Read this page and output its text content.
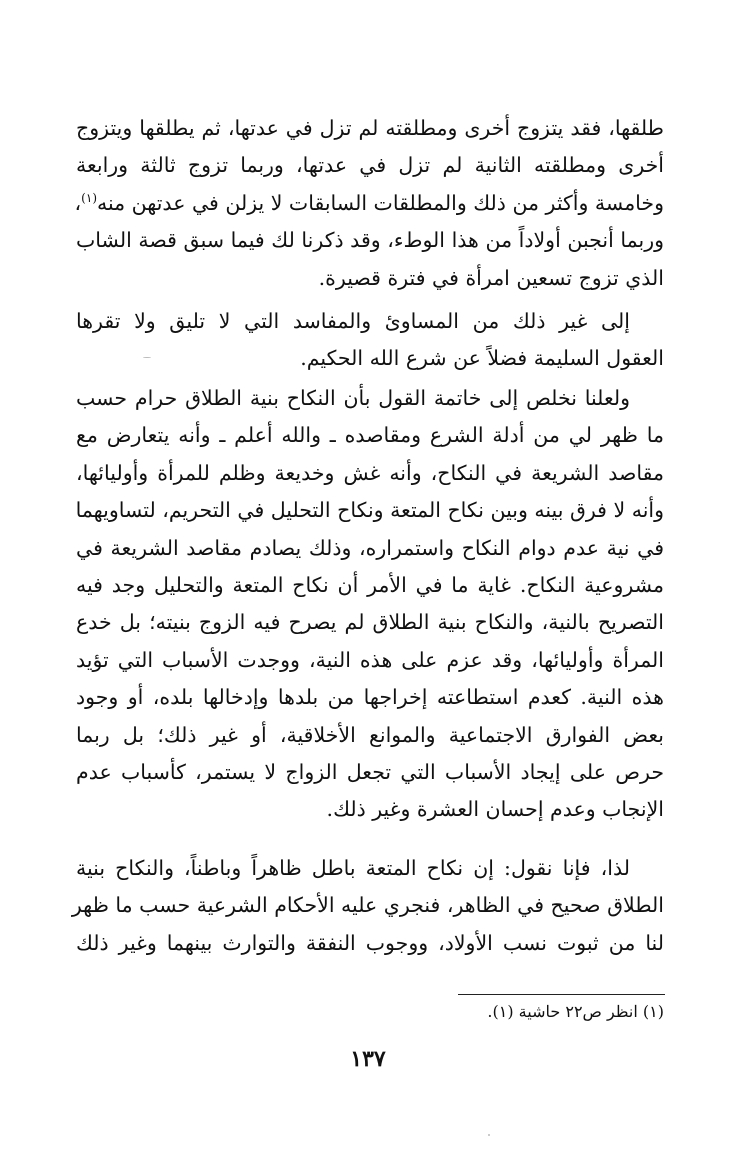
طلقها، فقد يتزوج أخرى ومطلقته لم تزل في عدتها، ثم يطلقها ويتزوج
أخرى ومطلقته الثانية لم تزل في عدتها، وربما تزوج ثالثة ورابعة
وخامسة وأكثر من ذلك والمطلقات السابقات لا يزلن في عدتهن منه$^{(١)}$،
وربما أنجبن أولاداً من هذا الوطء، وقد ذكرنا لك فيما سبق قصة الشاب
الذي تزوج تسعين امرأة في فترة قصيرة.
إلى غير ذلك من المساوئ والمفاسد التي لا تليق ولا تقرها
العقول السليمة فضلاً عن شرع الله الحكيم.
ولعلنا نخلص إلى خاتمة القول بأن النكاح بنية الطلاق حرام حسب
ما ظهر لي من أدلة الشرع ومقاصده ـ والله أعلم ـ وأنه يتعارض مع
مقاصد الشريعة في النكاح، وأنه غش وخديعة وظلم للمرأة وأوليائها،
وأنه لا فرق بينه وبين نكاح المتعة ونكاح التحليل في التحريم، لتساويهما
في نية عدم دوام النكاح واستمراره، وذلك يصادم مقاصد الشريعة في
مشروعية النكاح. غاية ما في الأمر أن نكاح المتعة والتحليل وجد فيه
التصريح بالنية، والنكاح بنية الطلاق لم يصرح فيه الزوج بنيته؛ بل خدع
المرأة وأوليائها، وقد عزم على هذه النية، ووجدت الأسباب التي تؤيد
هذه النية. كعدم استطاعته إخراجها من بلدها وإدخالها بلده، أو وجود
بعض الفوارق الاجتماعية والموانع الأخلاقية، أو غير ذلك؛ بل ربما
حرص على إيجاد الأسباب التي تجعل الزواج لا يستمر، كأسباب عدم
الإنجاب وعدم إحسان العشرة وغير ذلك.
لذا، فإنا نقول: إن نكاح المتعة باطل ظاهراً وباطناً، والنكاح بنية
الطلاق صحيح في الظاهر، فنجري عليه الأحكام الشرعية حسب ما ظهر
لنا من ثبوت نسب الأولاد، ووجوب النفقة والتوارث بينهما وغير ذلك
(١) انظر ص٢٢ حاشية (١).
١٣٧
